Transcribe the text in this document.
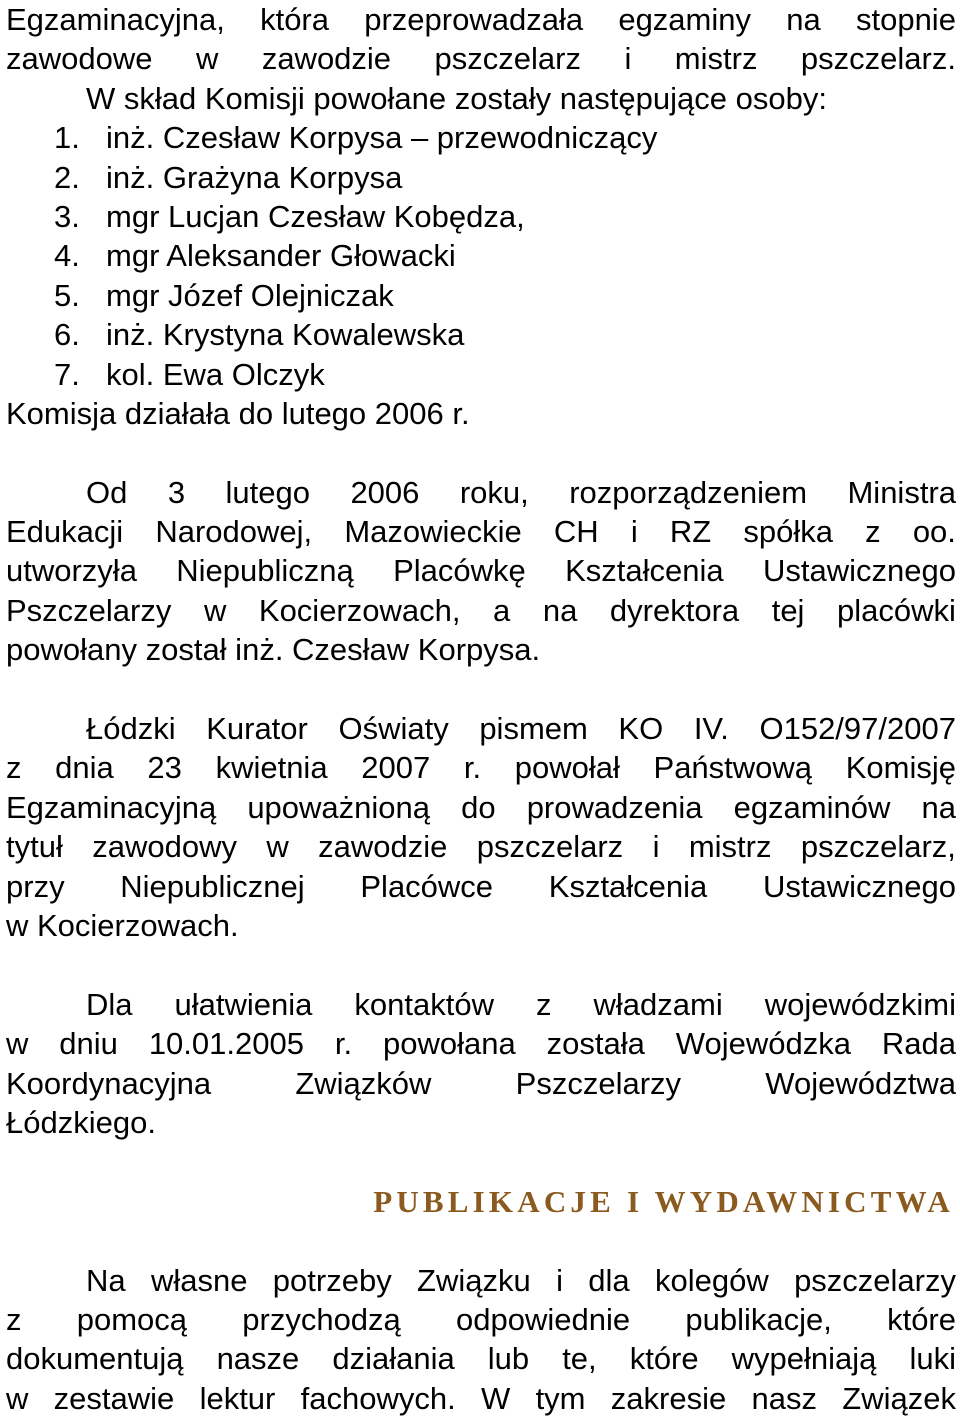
Egzaminacyjna, która przeprowadzała egzaminy na stopnie
zawodowe w zawodzie pszczelarz i mistrz pszczelarz.
W skład Komisji powołane zostały następujące osoby:
1. inż. Czesław Korpysa – przewodniczący
2. inż. Grażyna Korpysa
3. mgr Lucjan Czesław Kobędza,
4. mgr Aleksander Głowacki
5. mgr Józef Olejniczak
6. inż. Krystyna Kowalewska
7. kol. Ewa Olczyk
Komisja działała do lutego 2006 r.
Od 3 lutego 2006 roku, rozporządzeniem Ministra
Edukacji Narodowej, Mazowieckie CH i RZ spółka z oo.
utworzyła Niepubliczną Placówkę Kształcenia Ustawicznego
Pszczelarzy w Kocierzowach, a na dyrektora tej placówki
powołany został inż. Czesław Korpysa.
Łódzki Kurator Oświaty pismem KO IV. O152/97/2007
z dnia 23 kwietnia 2007 r. powołał Państwową Komisję
Egzaminacyjną upoważnioną do prowadzenia egzaminów na
tytuł zawodowy w zawodzie pszczelarz i mistrz pszczelarz,
przy Niepublicznej Placówce Kształcenia Ustawicznego
w Kocierzowach.
Dla ułatwienia kontaktów z władzami wojewódzkimi
w dniu 10.01.2005 r. powołana została Wojewódzka Rada
Koordynacyjna	Związków	Pszczelarzy	Województwa
Łódzkiego.
PUBLIKACJE I WYDAWNICTWA
Na własne potrzeby Związku i dla kolegów pszczelarzy
z pomocą przychodzą odpowiednie publikacje, które
dokumentują nasze działania lub te, które wypełniają luki
w zestawie lektur fachowych. W tym zakresie nasz Związek
